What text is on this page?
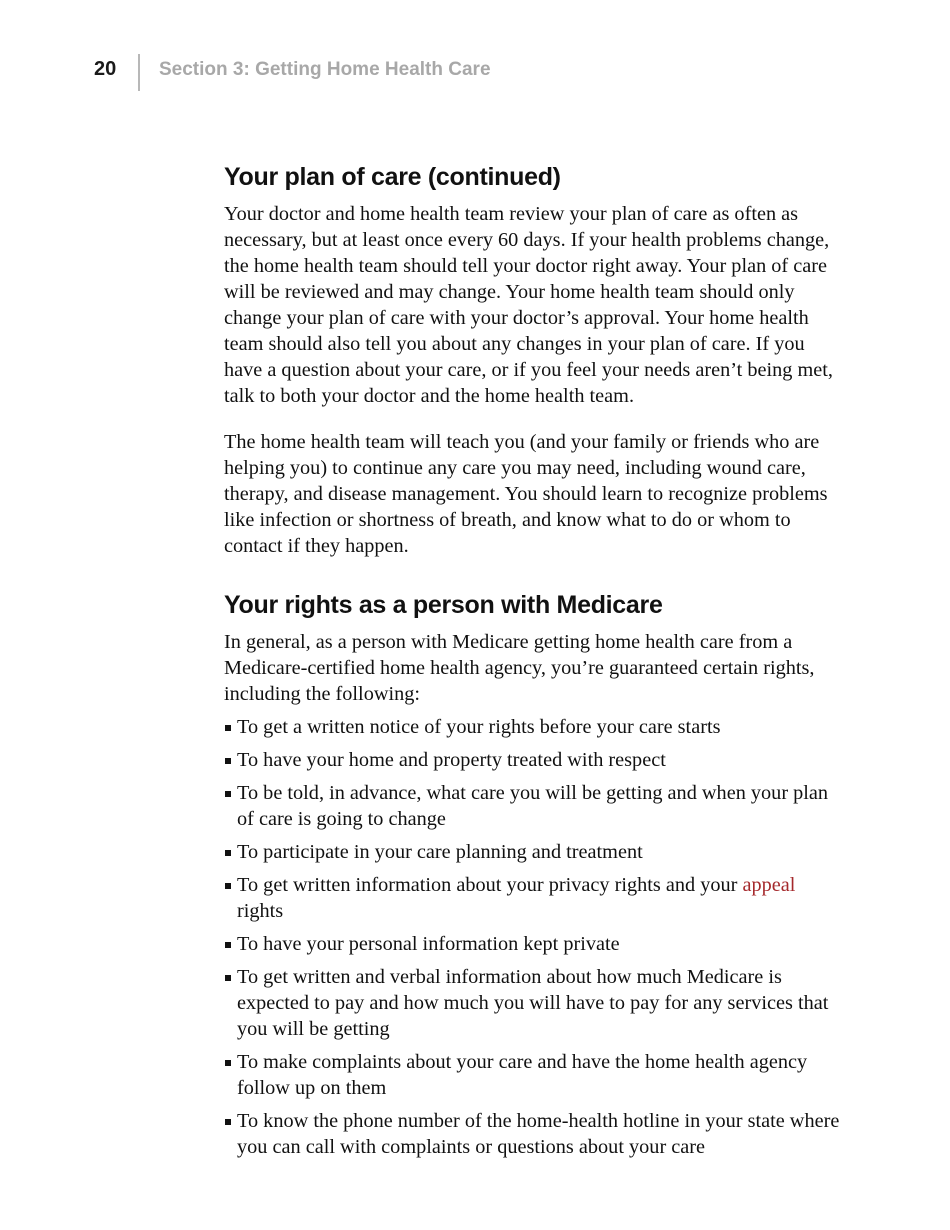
20 Section 3: Getting Home Health Care
Your plan of care (continued)

Your doctor and home health team review your plan of care as often as necessary, but at least once every 60 days. If your health problems change, the home health team should tell your doctor right away. Your plan of care will be reviewed and may change. Your home health team should only change your plan of care with your doctor’s approval. Your home health team should also tell you about any changes in your plan of care. If you have a question about your care, or if you feel your needs aren’t being met, talk to both your doctor and the home health team.

The home health team will teach you (and your family or friends who are helping you) to continue any care you may need, including wound care, therapy, and disease management. You should learn to recognize problems like infection or shortness of breath, and know what to do or whom to contact if they happen.

Your rights as a person with Medicare

In general, as a person with Medicare getting home health care from a Medicare-certified home health agency, you’re guaranteed certain rights, including the following:

To get a written notice of your rights before your care starts
To have your home and property treated with respect
To be told, in advance, what care you will be getting and when your plan of care is going to change
To participate in your care planning and treatment
To get written information about your privacy rights and your appeal rights
To have your personal information kept private
To get written and verbal information about how much Medicare is expected to pay and how much you will have to pay for any services that you will be getting
To make complaints about your care and have the home health agency follow up on them
To know the phone number of the home-health hotline in your state where you can call with complaints or questions about your care
